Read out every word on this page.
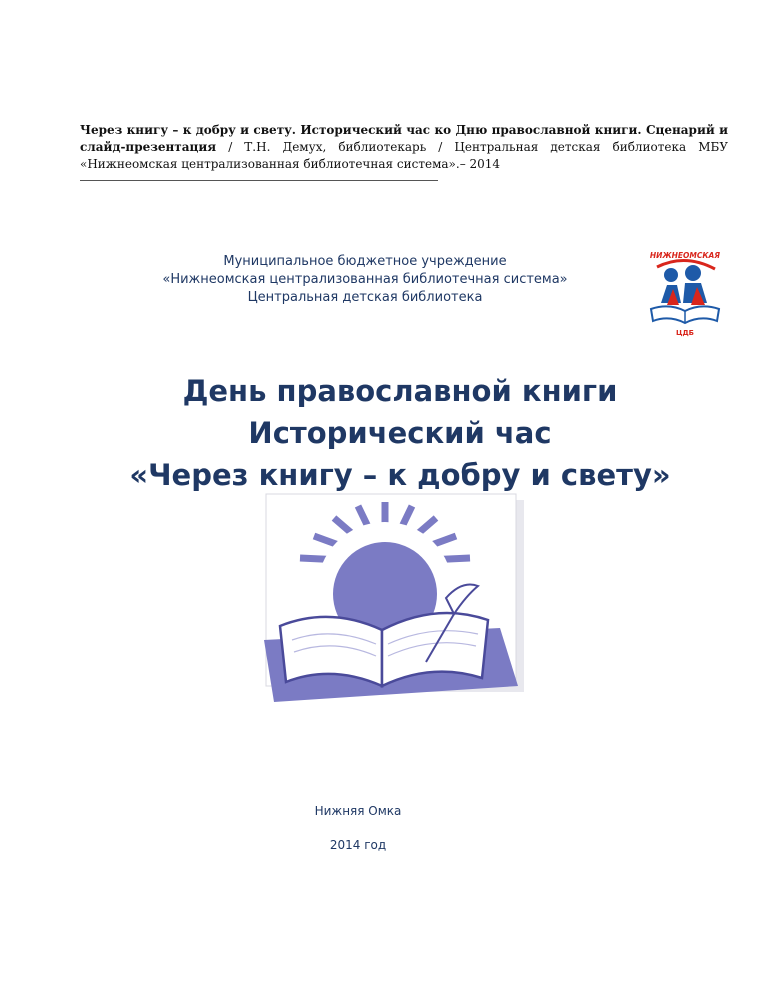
Через книгу – к добру и свету. Исторический час ко Дню православной книги. Сценарий и слайд-презентация / Т.Н. Демух, библиотекарь / Центральная детская библиотека МБУ «Нижнеомская централизованная библиотечная система».– 2014
Муниципальное бюджетное учреждение
«Нижнеомская централизованная библиотечная система»
Центральная детская библиотека
НИЖНЕОМСКАЯ
ЦДБ
День православной книги
Исторический час
«Через книгу – к добру и свету»
Нижняя Омка
2014 год
